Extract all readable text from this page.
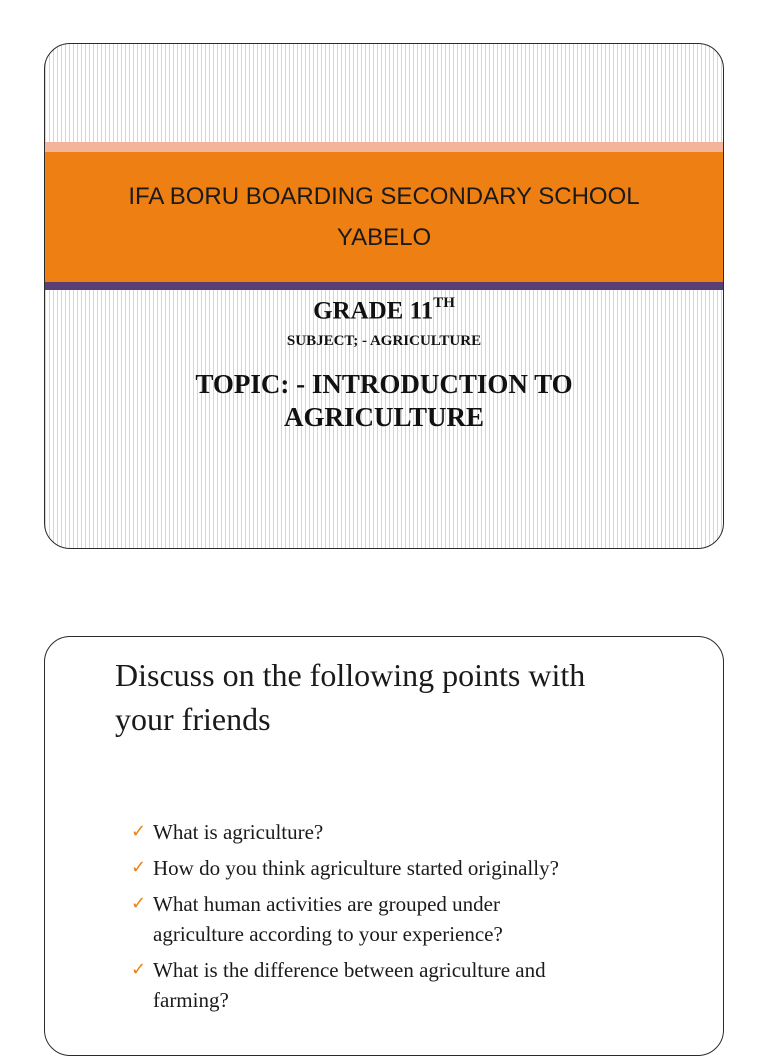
IFA BORU BOARDING SECONDARY SCHOOL
YABELO
GRADE 11TH
SUBJECT; - AGRICULTURE
TOPIC: - INTRODUCTION TO
AGRICULTURE
Discuss on the following points with
your friends
✓ What is agriculture?
✓ How do you think agriculture started originally?
✓ What human activities are grouped under
agriculture according to your experience?
✓ What is the difference between agriculture and
farming?
